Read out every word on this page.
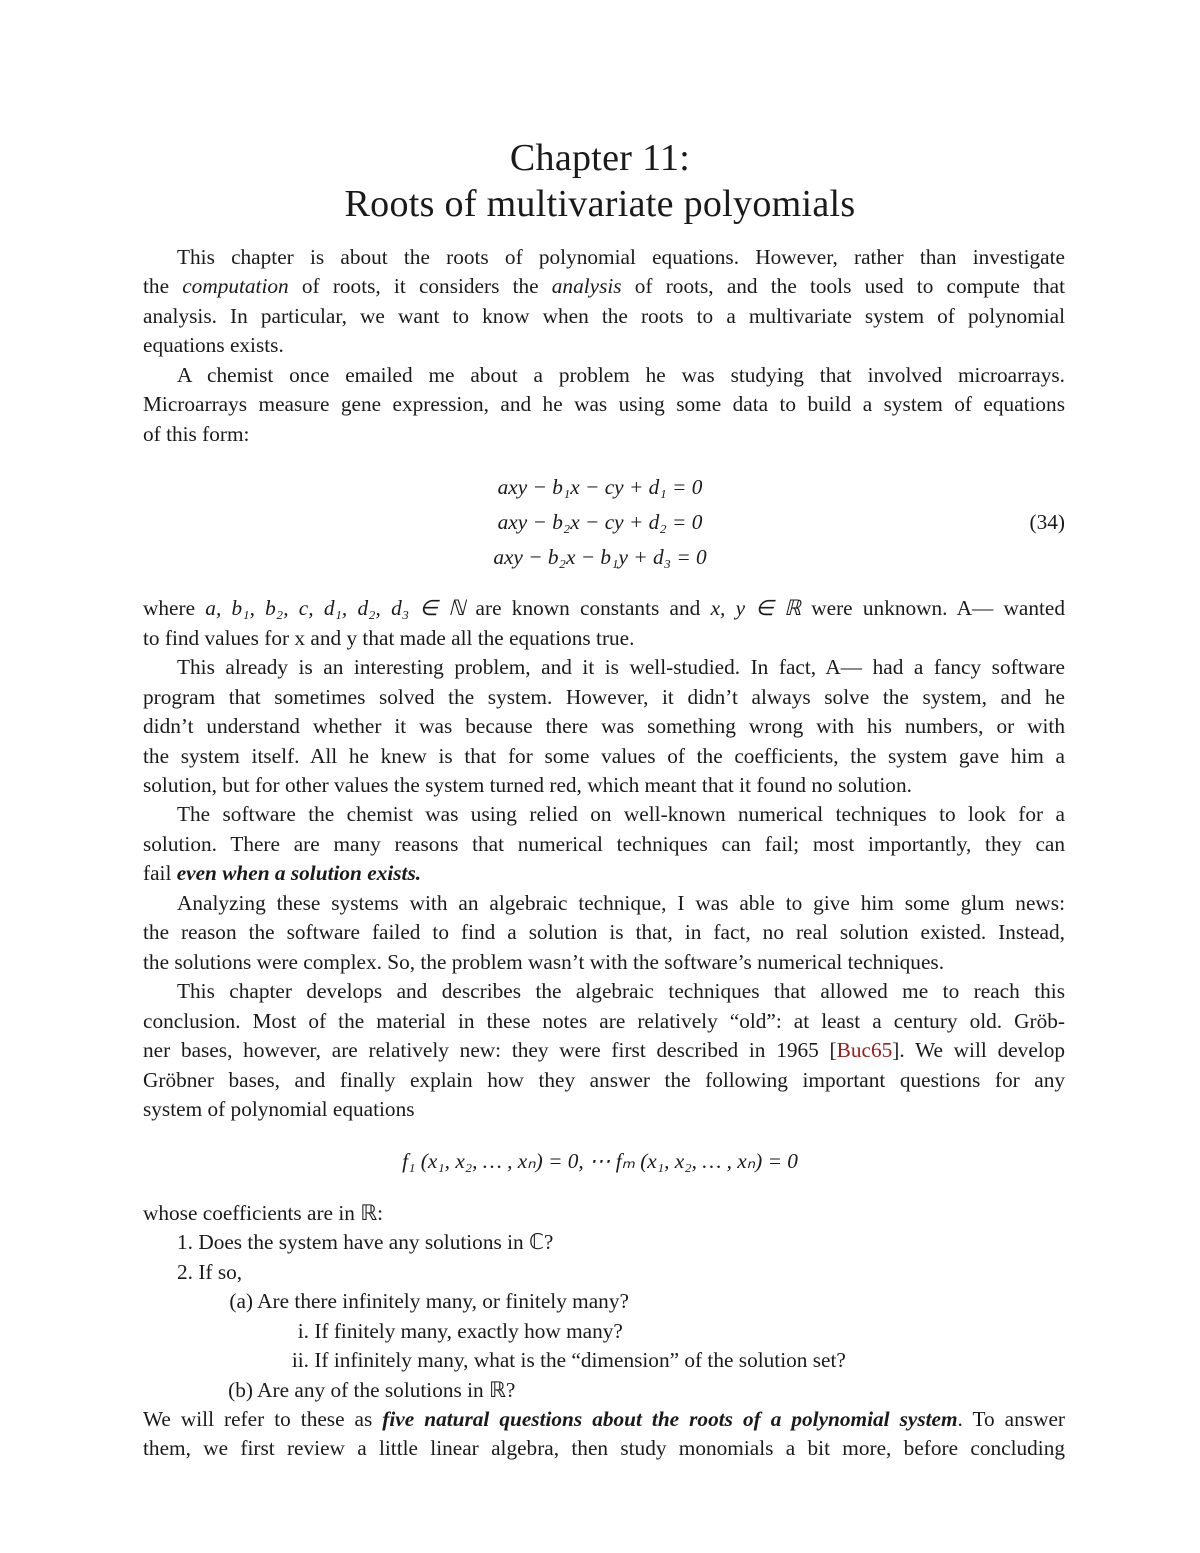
Chapter 11:
Roots of multivariate polyomials
This chapter is about the roots of polynomial equations. However, rather than investigate
the computation of roots, it considers the analysis of roots, and the tools used to compute that
analysis. In particular, we want to know when the roots to a multivariate system of polynomial
equations exists.
A chemist once emailed me about a problem he was studying that involved microarrays.
Microarrays measure gene expression, and he was using some data to build a system of equations
of this form:
axy − b₁x − cy + d₁ = 0
axy − b₂x − cy + d₂ = 0	(34)
axy − b₂x − b₁y + d₃ = 0
where a, b₁, b₂, c, d₁, d₂, d₃ ∈ ℕ are known constants and x, y ∈ ℝ were unknown. A— wanted
to find values for x and y that made all the equations true.
This already is an interesting problem, and it is well-studied. In fact, A— had a fancy software
program that sometimes solved the system. However, it didn’t always solve the system, and he
didn’t understand whether it was because there was something wrong with his numbers, or with
the system itself. All he knew is that for some values of the coefficients, the system gave him a
solution, but for other values the system turned red, which meant that it found no solution.
The software the chemist was using relied on well-known numerical techniques to look for a
solution. There are many reasons that numerical techniques can fail; most importantly, they can
fail even when a solution exists.
Analyzing these systems with an algebraic technique, I was able to give him some glum news:
the reason the software failed to find a solution is that, in fact, no real solution existed. Instead,
the solutions were complex. So, the problem wasn’t with the software’s numerical techniques.
This chapter develops and describes the algebraic techniques that allowed me to reach this
conclusion. Most of the material in these notes are relatively “old”: at least a century old. Gröb-
ner bases, however, are relatively new: they were first described in 1965 [Buc65]. We will develop
Gröbner bases, and finally explain how they answer the following important questions for any
system of polynomial equations
f₁ (x₁, x₂, … , xₙ) = 0, ⋯ fₘ (x₁, x₂, … , xₙ) = 0
whose coefficients are in ℝ:
1. Does the system have any solutions in ℂ?
2. If so,
(a) Are there infinitely many, or finitely many?
i. If finitely many, exactly how many?
ii. If infinitely many, what is the “dimension” of the solution set?
(b) Are any of the solutions in ℝ?
We will refer to these as five natural questions about the roots of a polynomial system. To answer
them, we first review a little linear algebra, then study monomials a bit more, before concluding
